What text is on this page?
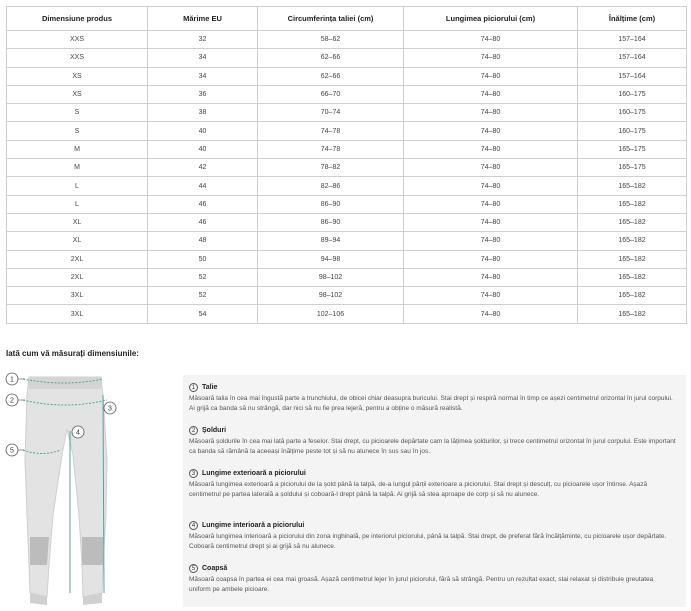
Dimensiune produs	Mărime EU	Circumferința taliei (cm)	Lungimea piciorului (cm)	Înălțime (cm)
XXS	32	58–62	74–80	157–164
XXS	34	62–66	74–80	157–164
XS	34	62–66	74–80	157–164
XS	36	66–70	74–80	160–175
S	38	70–74	74–80	160–175
S	40	74–78	74–80	160–175
M	40	74–78	74–80	165–175
M	42	78–82	74–80	165–175
L	44	82–86	74–80	165–182
L	46	86–90	74–80	165–182
XL	46	86–90	74–80	165–182
XL	48	89–94	74–80	165–182
2XL	50	94–98	74–80	165–182
2XL	52	98–102	74–80	165–182
3XL	52	98–102	74–80	165–182
3XL	54	102–106	74–80	165–182
Iată cum vă măsurați dimensiunile:
1
2
3
4
5
1 Talie

Măsoară talia în cea mai îngustă parte a trunchiului, de obicei chiar deasupra buricului. Stai drept și respiră normal în timp ce așezi centimetrul orizontal în jurul corpului. Ai grijă ca banda să nu strângă, dar nici să nu fie prea lejeră, pentru a obține o măsură realistă.

2 Șolduri

Măsoară șoldurile în cea mai lată parte a feselor. Stai drept, cu picioarele depărtate cam la lățimea șoldurilor, și trece centimetrul orizontal în jurul corpului. Este important ca banda să rămână la aceeași înălțime peste tot și să nu alunece în sus sau în jos.

3 Lungime exterioară a piciorului

Măsoară lungimea exterioară a piciorului de la șold până la talpă, de-a lungul părții exterioare a piciorului. Stai drept și desculț, cu picioarele ușor întinse. Așază centimetrul pe partea laterală a șoldului și coboară-l drept până la talpă. Ai grijă să stea aproape de corp și să nu alunece.

4 Lungime interioară a piciorului

Măsoară lungimea interioară a piciorului din zona inghinală, pe interiorul piciorului, până la talpă. Stai drept, de preferat fără încălțăminte, cu picioarele ușor depărtate. Coboară centimetrul drept și ai grijă să nu alunece.

5 Coapsă

Măsoară coapsa în partea ei cea mai groasă. Așază centimetrul lejer în jurul piciorului, fără să strângă. Pentru un rezultat exact, stai relaxat și distribuie greutatea uniform pe ambele picioare.
